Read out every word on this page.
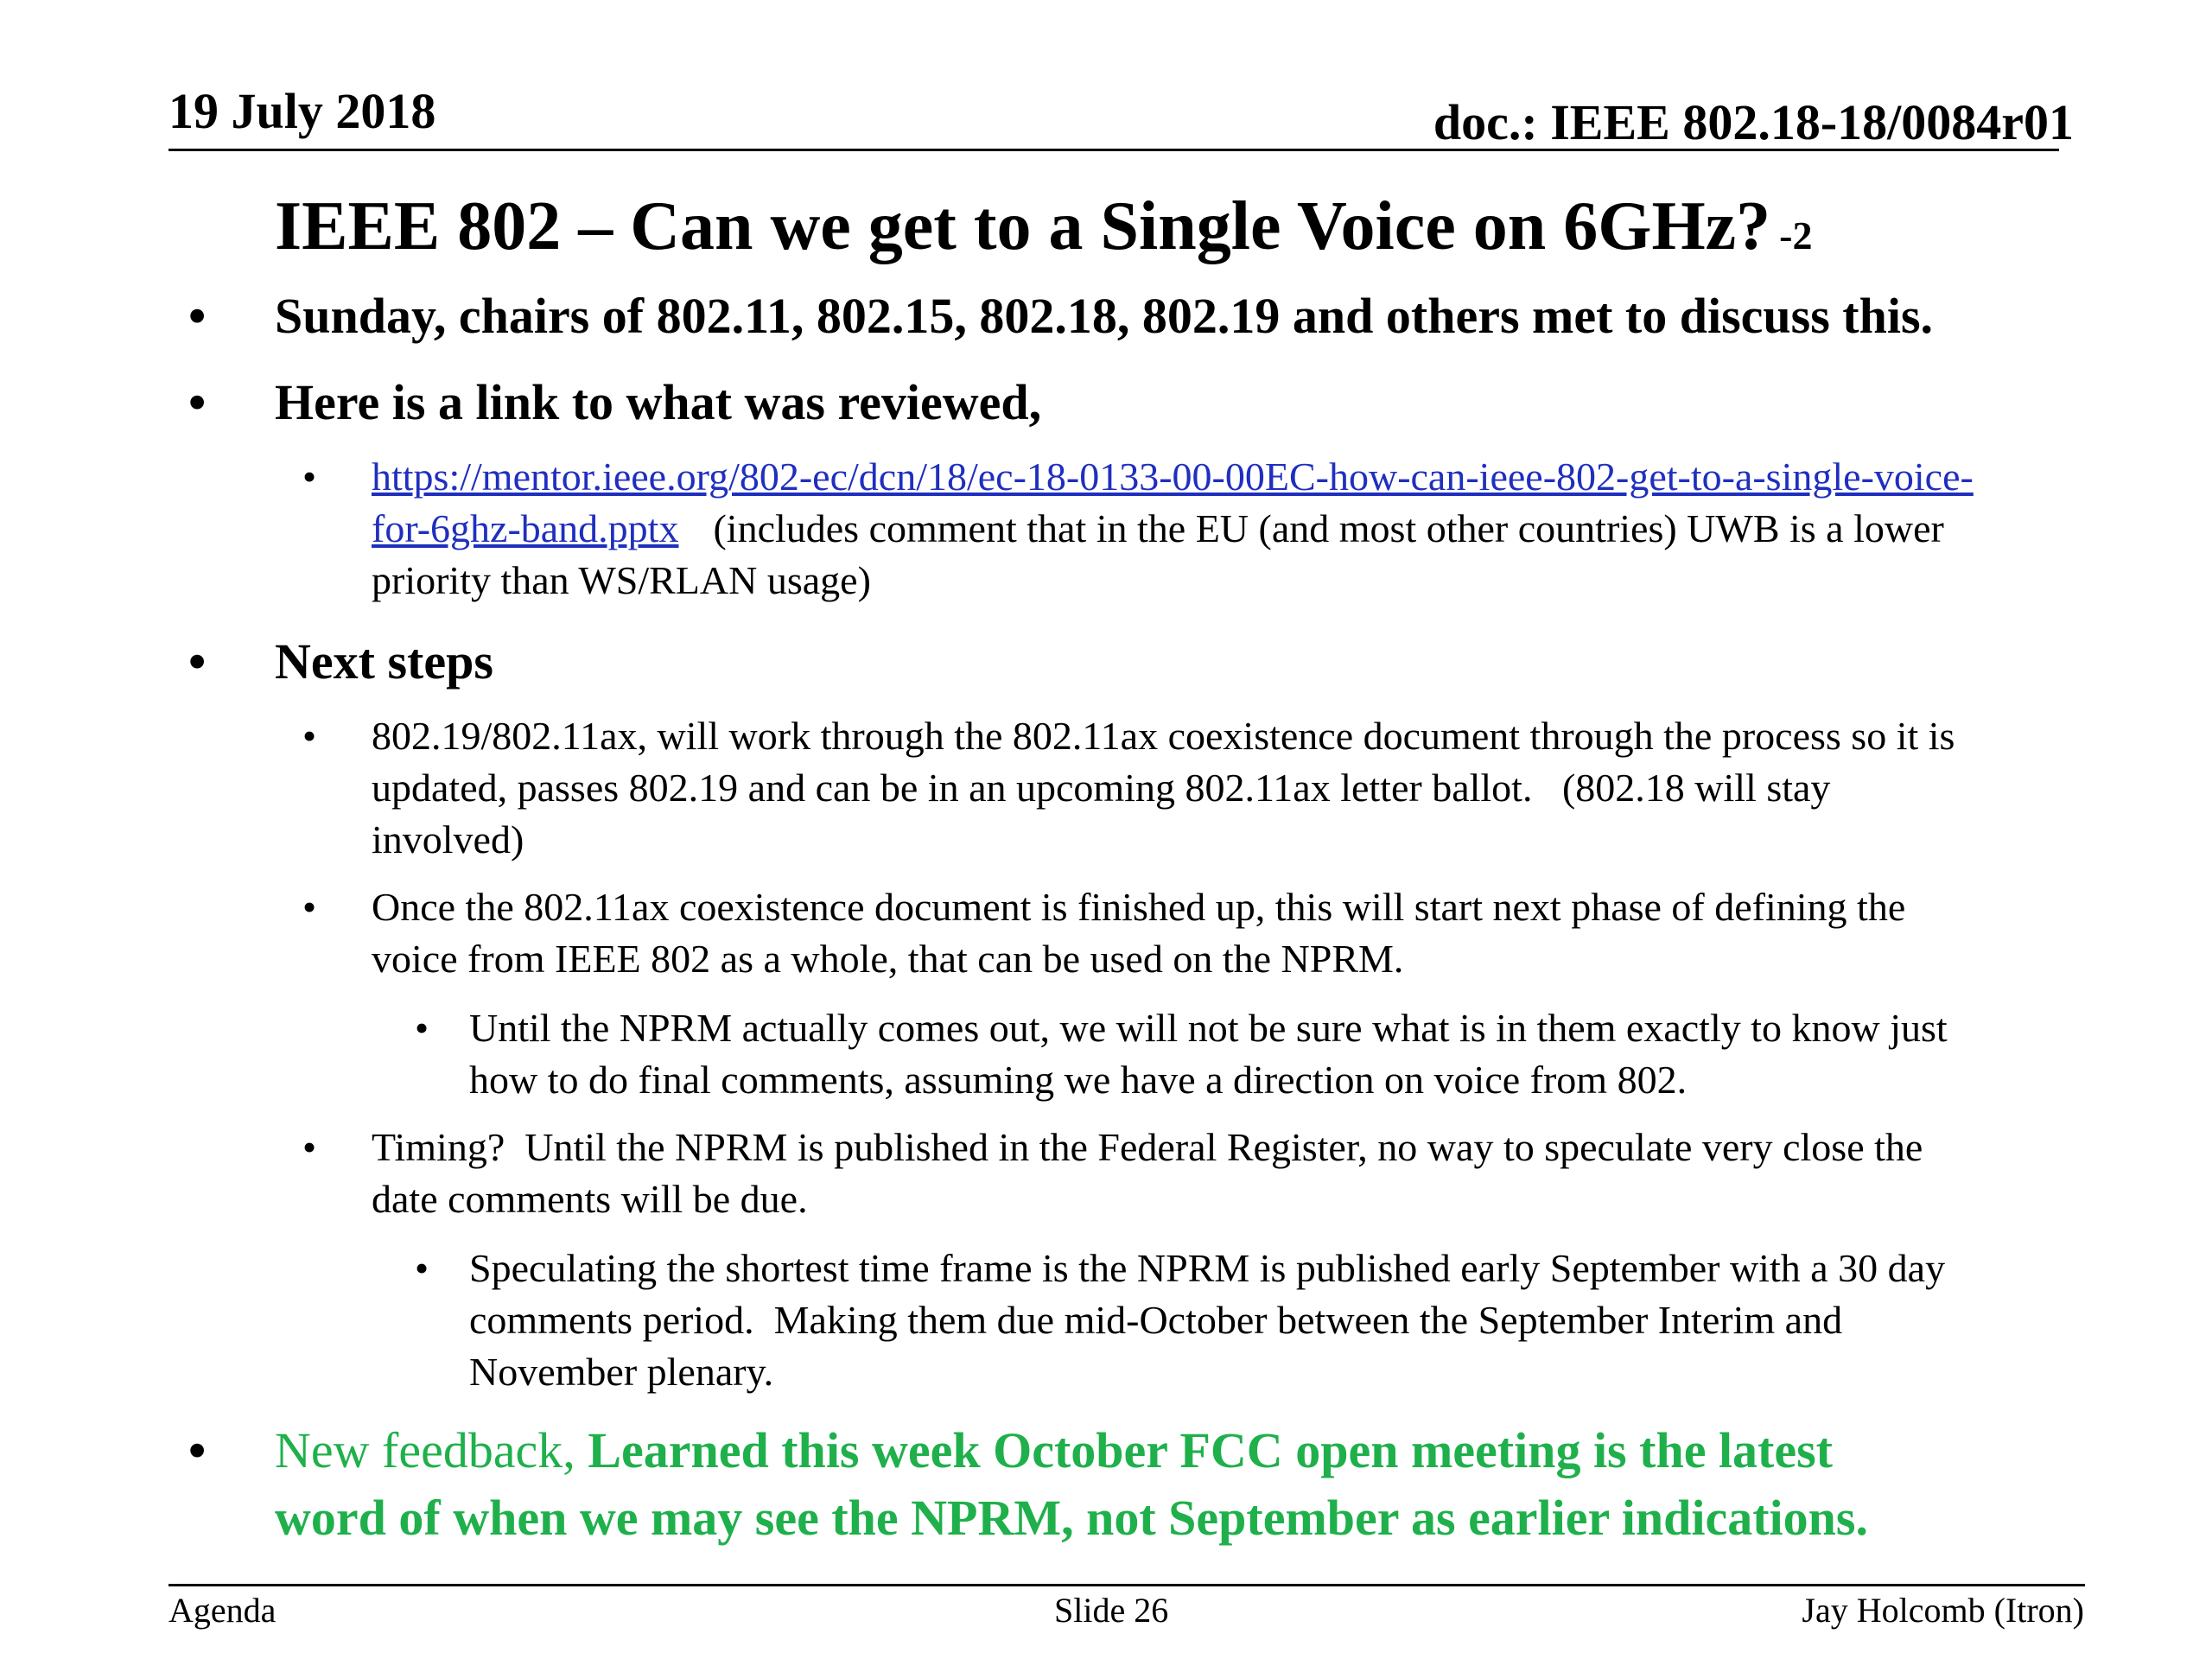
19 July 2018	doc.: IEEE 802.18-18/0084r01
IEEE 802 – Can we get to a Single Voice on 6GHz? -2
• Sunday, chairs of 802.11, 802.15, 802.18, 802.19 and others met to discuss this.
• Here is a link to what was reviewed,
• https://mentor.ieee.org/802-ec/dcn/18/ec-18-0133-00-00EC-how-can-ieee-802-get-to-a-single-voice-
for-6ghz-band.pptx (includes comment that in the EU (and most other countries) UWB is a lower
priority than WS/RLAN usage)
• Next steps
• 802.19/802.11ax, will work through the 802.11ax coexistence document through the process so it is
updated, passes 802.19 and can be in an upcoming 802.11ax letter ballot.   (802.18 will stay
involved)
• Once the 802.11ax coexistence document is finished up, this will start next phase of defining the
voice from IEEE 802 as a whole, that can be used on the NPRM.
• Until the NPRM actually comes out, we will not be sure what is in them exactly to know just
how to do final comments, assuming we have a direction on voice from 802.
• Timing?  Until the NPRM is published in the Federal Register, no way to speculate very close the
date comments will be due.
• Speculating the shortest time frame is the NPRM is published early September with a 30 day
comments period.  Making them due mid-October between the September Interim and
November plenary.
• New feedback, Learned this week October FCC open meeting is the latest
word of when we may see the NPRM, not September as earlier indications.
Agenda	Slide 26	Jay Holcomb (Itron)
